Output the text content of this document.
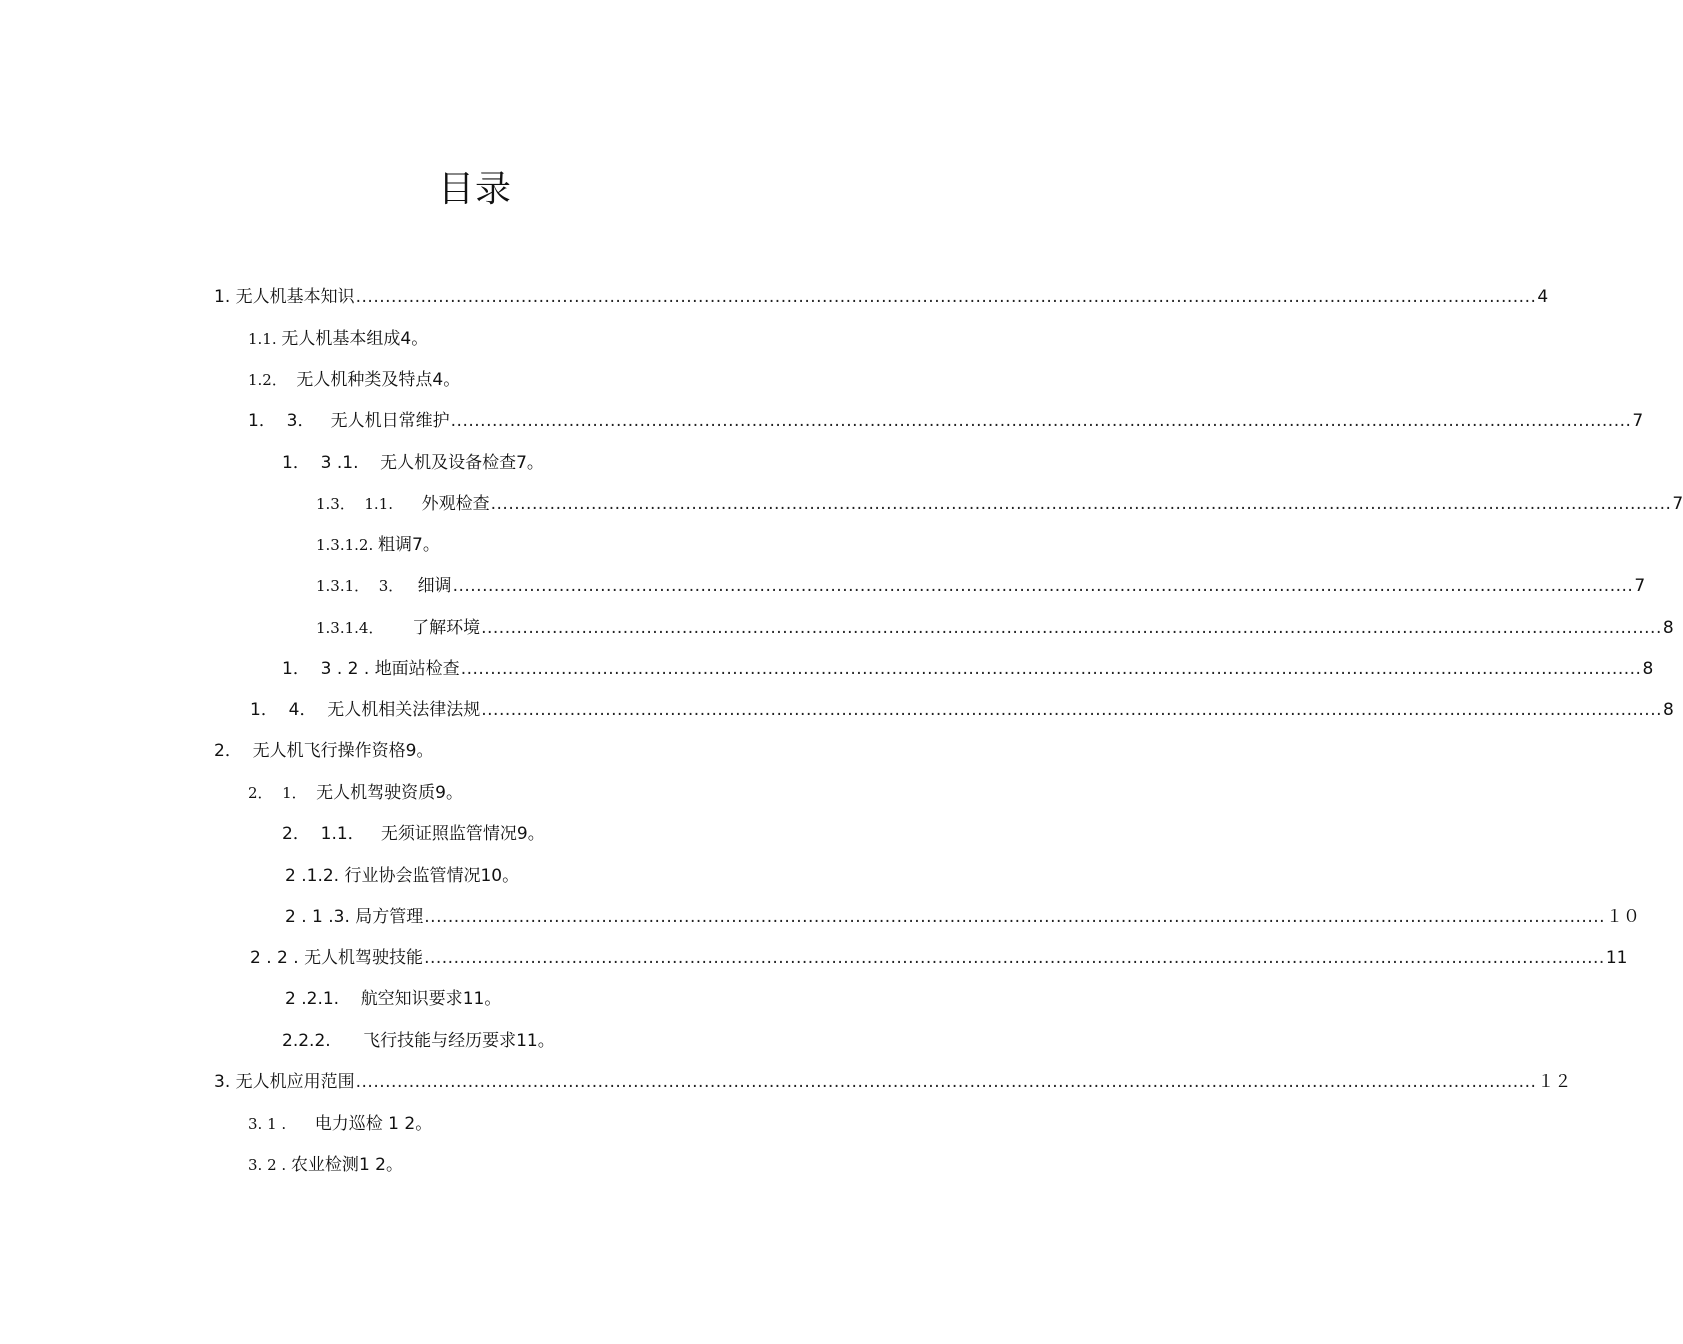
目录
1. 无人机基本知识 ........................................................................................................................................................................................................ 4
1.1. 无人机基本组成 4。
1.2． 无人机种类及特点 4。
1．  3． 无人机日常维护 ........................................................................................................................................................................................................ 7
1．  3 .1. 无人机及设备检查 7。
1.3．  1.1. 外观检查 ........................................................................................................................................................................................................ 7
1.3.1.2. 粗调 7。
1.3.1．  3． 细调 ........................................................................................................................................................................................................ 7
1.3.1.4． 了解环境 ........................................................................................................................................................................................................ 8
1．  3 . 2 . 地面站检查 ........................................................................................................................................................................................................ 8
1．  4． 无人机相关法律法规 ........................................................................................................................................................................................................ 8
2． 无人机飞行操作资格 9。
2．  1． 无人机驾驶资质 9。
2．  1.1． 无须证照监管情况 9。
2 .1.2. 行业协会监管情况 10。
2 . 1 .3. 局方管理 ........................................................................................................................................................................................................ １０
2 . 2 . 无人机驾驶技能 ........................................................................................................................................................................................................ 11
2 .2.1. 航空知识要求 11。
2.2.2. 飞行技能与经历要求 11。
3. 无人机应用范围 ........................................................................................................................................................................................................ １２
3. 1 . 电力巡检 1 2。
3. 2 . 农业检测 1 2。
